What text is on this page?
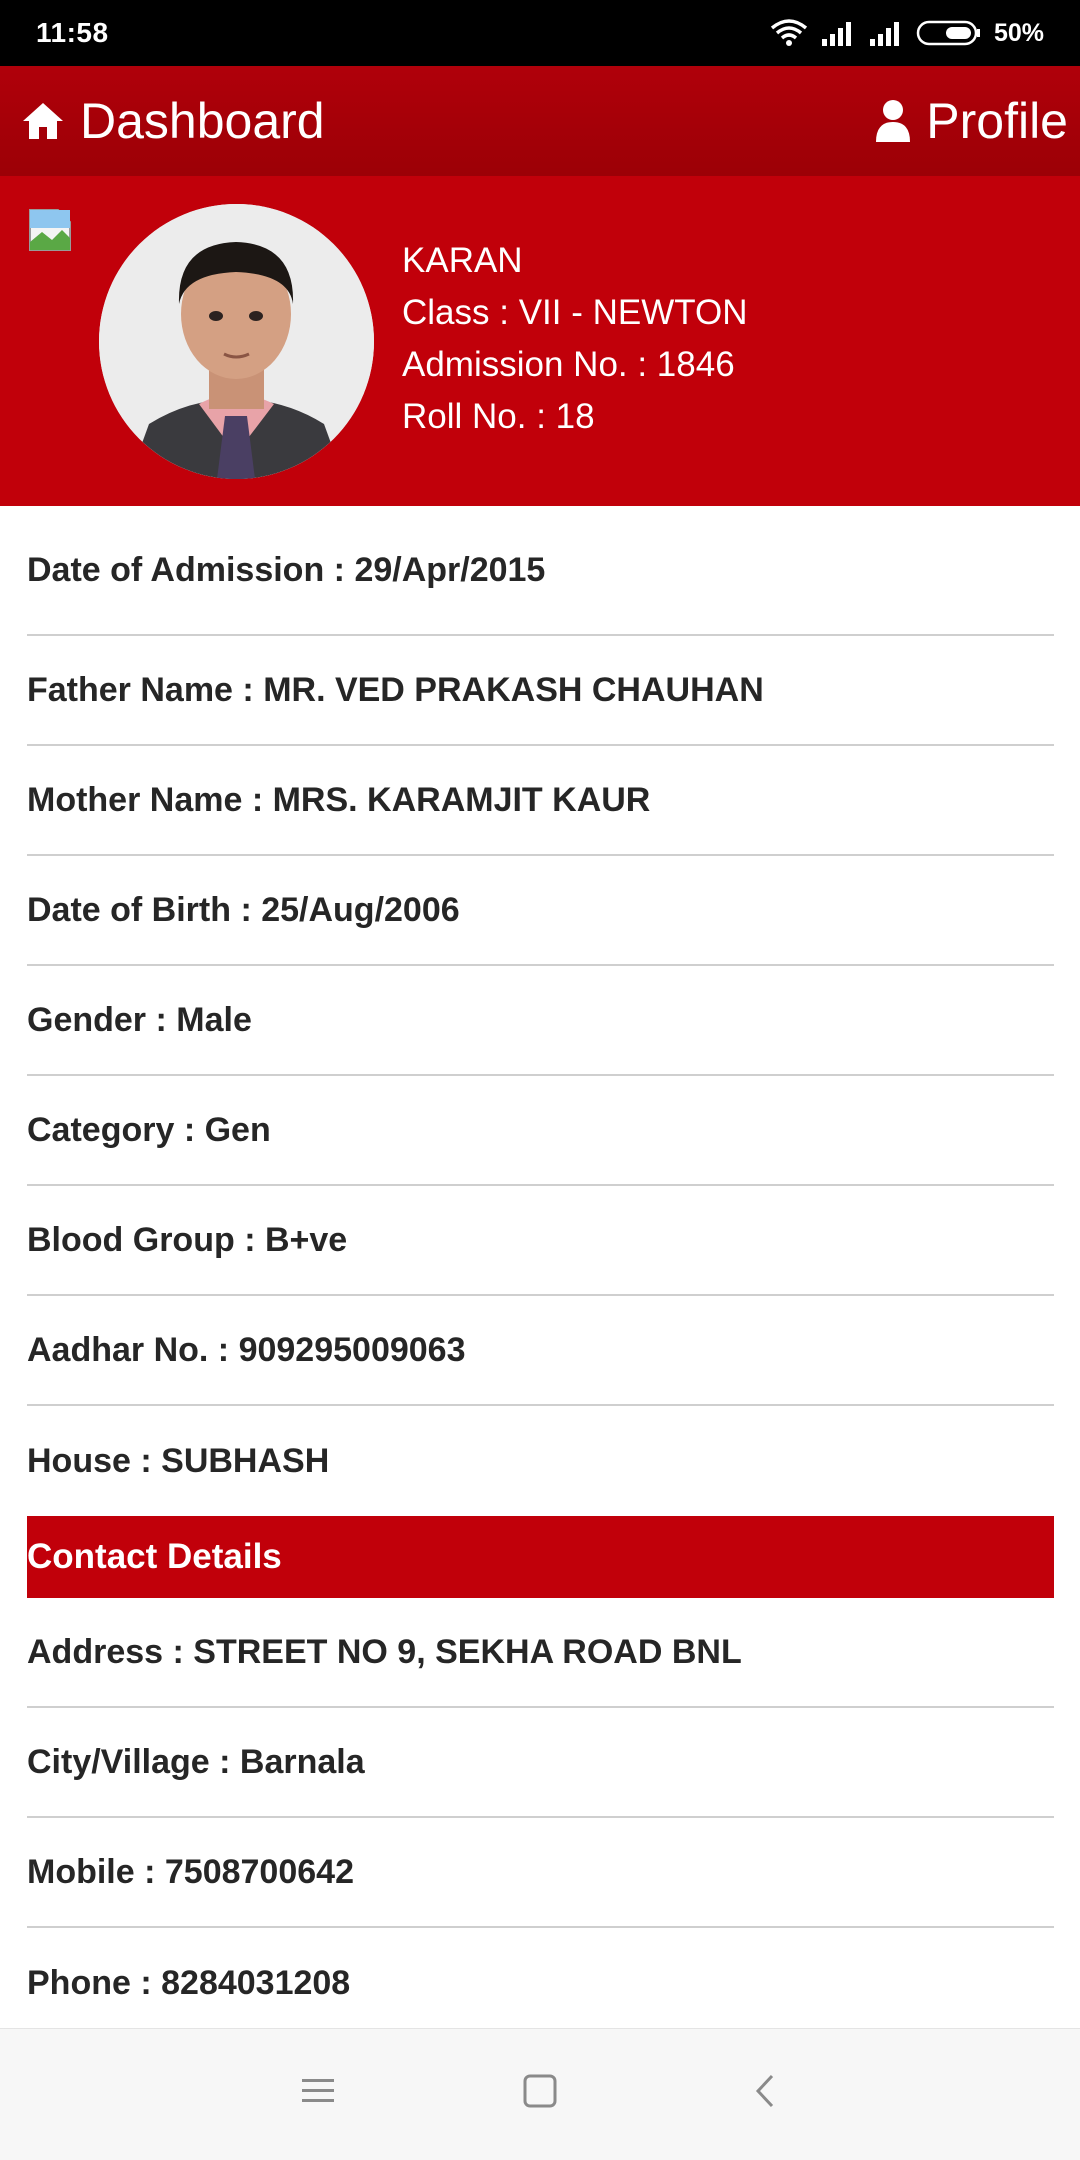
11:58	50%
Dashboard	Profile
KARAN
Class : VII - NEWTON
Admission No. : 1846
Roll No. : 18
Date of Admission : 29/Apr/2015
Father Name : MR. VED PRAKASH CHAUHAN
Mother Name : MRS. KARAMJIT KAUR
Date of Birth : 25/Aug/2006
Gender : Male
Category : Gen
Blood Group : B+ve
Aadhar No. : 909295009063
House : SUBHASH
Contact Details
Address : STREET NO 9, SEKHA ROAD BNL
City/Village : Barnala
Mobile : 7508700642
Phone : 8284031208
